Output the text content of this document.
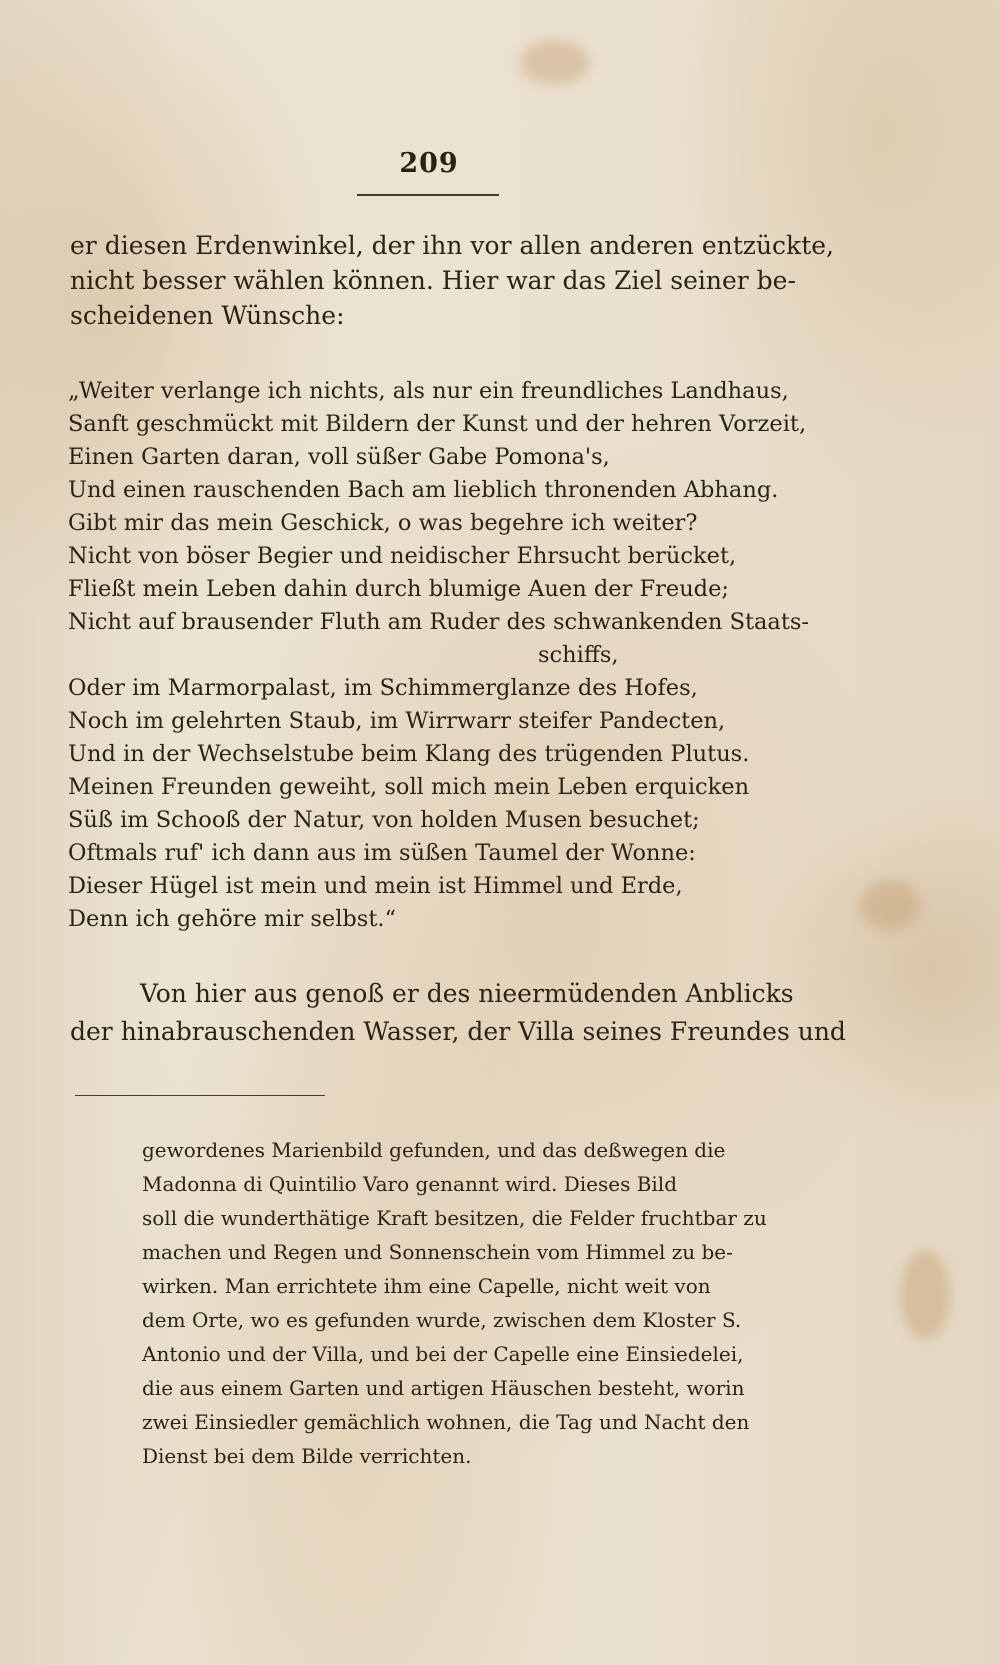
209
er diesen Erdenwinkel, der ihn vor allen anderen entzückte,
nicht besser wählen können. Hier war das Ziel seiner be-
scheidenen Wünsche:
„Weiter verlange ich nichts, als nur ein freundliches Landhaus,
Sanft geschmückt mit Bildern der Kunst und der hehren Vorzeit,
Einen Garten daran, voll süßer Gabe Pomona's,
Und einen rauschenden Bach am lieblich thronenden Abhang.
Gibt mir das mein Geschick, o was begehre ich weiter?
Nicht von böser Begier und neidischer Ehrsucht berücket,
Fließt mein Leben dahin durch blumige Auen der Freude;
Nicht auf brausender Fluth am Ruder des schwankenden Staats-
schiffs,
Oder im Marmorpalast, im Schimmerglanze des Hofes,
Noch im gelehrten Staub, im Wirrwarr steifer Pandecten,
Und in der Wechselstube beim Klang des trügenden Plutus.
Meinen Freunden geweiht, soll mich mein Leben erquicken
Süß im Schooß der Natur, von holden Musen besuchet;
Oftmals ruf' ich dann aus im süßen Taumel der Wonne:
Dieser Hügel ist mein und mein ist Himmel und Erde,
Denn ich gehöre mir selbst.“
Von hier aus genoß er des nieermüdenden Anblicks
der hinabrauschenden Wasser, der Villa seines Freundes und
gewordenes Marienbild gefunden, und das deßwegen die
Madonna di Quintilio Varo genannt wird. Dieses Bild
soll die wunderthätige Kraft besitzen, die Felder fruchtbar zu
machen und Regen und Sonnenschein vom Himmel zu be-
wirken. Man errichtete ihm eine Capelle, nicht weit von
dem Orte, wo es gefunden wurde, zwischen dem Kloster S.
Antonio und der Villa, und bei der Capelle eine Einsiedelei,
die aus einem Garten und artigen Häuschen besteht, worin
zwei Einsiedler gemächlich wohnen, die Tag und Nacht den
Dienst bei dem Bilde verrichten.
